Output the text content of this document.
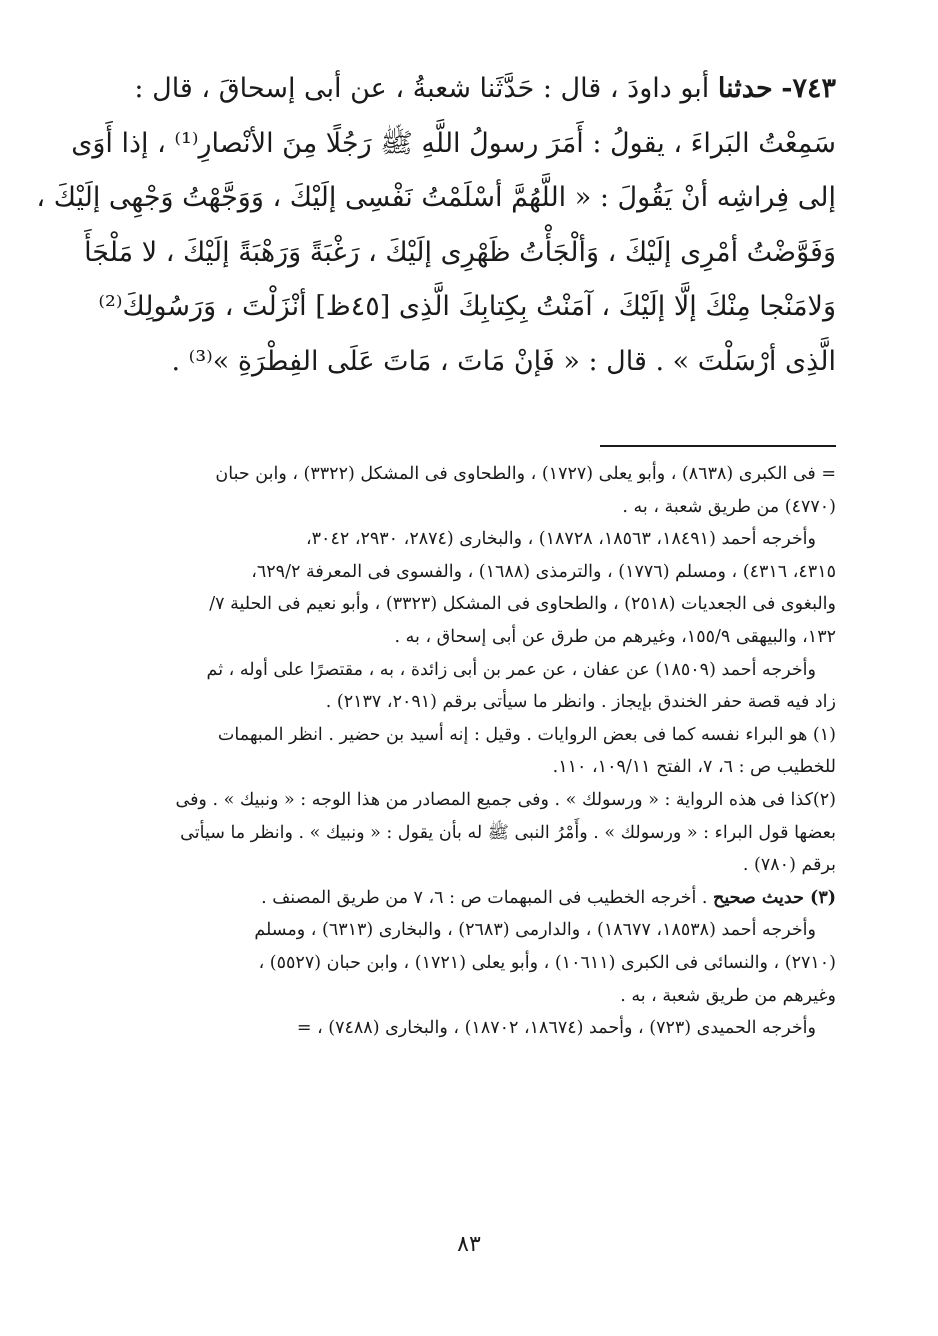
٧٤٣- حدثنا أبو داودَ ، قال : حَدَّثَنا شعبةُ ، عن أبى إسحاقَ ، قال :
سَمِعْتُ البَراءَ ، يقولُ : أَمَرَ رسولُ اللَّهِ ﷺ رَجُلًا مِنَ الأنْصارِ⁽¹⁾ ، إذا أَوَى
إلى فِراشِه أنْ يَقُولَ : « اللَّهُمَّ أسْلَمْتُ نَفْسِى إلَيْكَ ، وَوَجَّهْتُ وَجْهِى إلَيْكَ ،
وَفَوَّضْتُ أمْرِى إلَيْكَ ، وَألْجَأْتُ ظَهْرِى إلَيْكَ ، رَغْبَةً وَرَهْبَةً إلَيْكَ ، لا مَلْجَأَ
وَلامَنْجا مِنْكَ إلَّا إلَيْكَ ، آمَنْتُ بِكِتابِكَ الَّذِى [٤٥ظ] أنْزَلْتَ ، وَرَسُولِكَ⁽²⁾
الَّذِى أرْسَلْتَ » . قال : « فَإنْ مَاتَ ، مَاتَ عَلَى الفِطْرَةِ »⁽³⁾ .
= فى الكبرى (٨٦٣٨) ، وأبو يعلى (١٧٢٧) ، والطحاوى فى المشكل (٣٣٢٢) ، وابن حبان
(٤٧٧٠) من طريق شعبة ، به .
وأخرجه أحمد (١٨٤٩١، ١٨٥٦٣، ١٨٧٢٨) ، والبخارى (٢٨٧٤، ٢٩٣٠، ٣٠٤٢،
٤٣١٥، ٤٣١٦) ، ومسلم (١٧٧٦) ، والترمذى (١٦٨٨) ، والفسوى فى المعرفة ٦٢٩/٢،
والبغوى فى الجعديات (٢٥١٨) ، والطحاوى فى المشكل (٣٣٢٣) ، وأبو نعيم فى الحلية ٧/
١٣٢، والبيهقى ١٥٥/٩، وغيرهم من طرق عن أبى إسحاق ، به .
وأخرجه أحمد (١٨٥٠٩) عن عفان ، عن عمر بن أبى زائدة ، به ، مقتصرًا على أوله ، ثم
زاد فيه قصة حفر الخندق بإيجاز . وانظر ما سيأتى برقم (٢٠٩١، ٢١٣٧) .
(١) هو البراء نفسه كما فى بعض الروايات . وقيل : إنه أسيد بن حضير . انظر المبهمات
للخطيب ص : ٦، ٧، الفتح ١٠٩/١١، ١١٠.
(٢)كذا فى هذه الرواية : « ورسولك » . وفى جميع المصادر من هذا الوجه : « ونبيك » . وفى
بعضها قول البراء : « ورسولك » . وأَمْرُ النبى ﷺ له بأن يقول : « ونبيك » . وانظر ما سيأتى
برقم (٧٨٠) .
(٣) حديث صحيح . أخرجه الخطيب فى المبهمات ص : ٦، ٧ من طريق المصنف .
وأخرجه أحمد (١٨٥٣٨، ١٨٦٧٧) ، والدارمى (٢٦٨٣) ، والبخارى (٦٣١٣) ، ومسلم
(٢٧١٠) ، والنسائى فى الكبرى (١٠٦١١) ، وأبو يعلى (١٧٢١) ، وابن حبان (٥٥٢٧) ،
وغيرهم من طريق شعبة ، به .
وأخرجه الحميدى (٧٢٣) ، وأحمد (١٨٦٧٤، ١٨٧٠٢) ، والبخارى (٧٤٨٨) ، =
٨٣
